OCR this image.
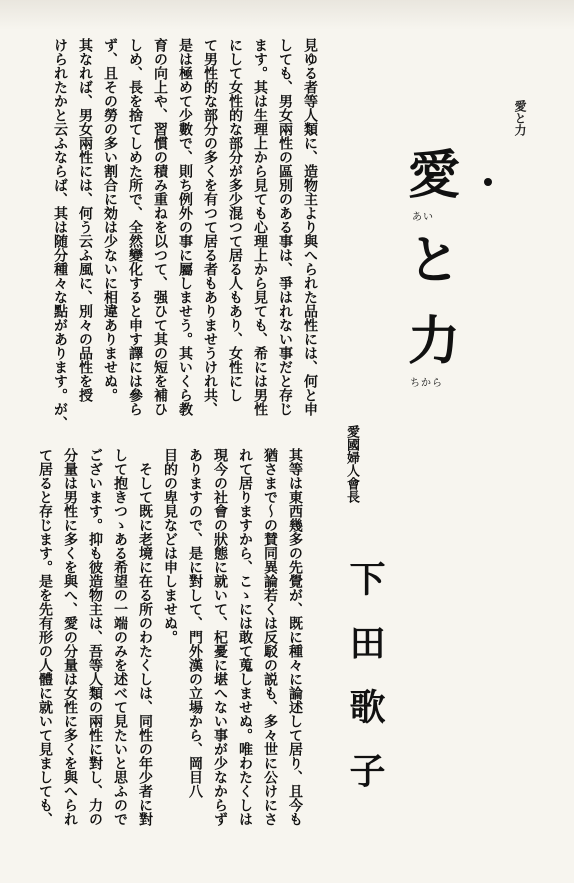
愛と力
愛
あい
と
力
ちから
愛國婦人會長
下田歌子
見ゆる者等人類に、造物主より與へられた品性には、何と申
しても、男女兩性の區別のある事は、爭はれない事だと存じ
ます。其は生理上から見ても心理上から見ても、希には男性
にして女性的な部分が多少混つて居る人もあり、女性にし
て男性的な部分の多くを有つて居る者もありませうけれ共、
是は極めて少數で、則ち例外の事に屬しませう。其いくら教
育の向上や、習慣の積み重ねを以つて、强ひて其の短を補ひ
しめ、長を捨てしめた所で、全然變化すると申す譯には參ら
ず、且その勞の多い割合に効は少ないに相違ありませぬ。
其なれば、男女兩性には、何う云ふ風に、別々の品性を授
けられたかと云ふならば、其は随分種々な點があります。が、
其等は東西幾多の先覺が、既に種々に論述して居り、且今も
猶さまで〜の賛同異論若くは反駁の説も、多々世に公けにさ
れて居りますから、こゝには敢て蒐しませぬ。唯わたくしは
現今の社會の狀態に就いて、杞憂に堪へない事が少なからず
ありますので、是に對して、門外漢の立場から、岡目八
目的の卑見などは申しませぬ。
そして既に老境に在る所のわたくしは、同性の年少者に對
して抱きつゝある希望の一端のみを述べて見たいと思ふので
ございます。抑も彼造物主は、吾等人類の兩性に對し、力の
分量は男性に多くを與へ、愛の分量は女性に多くを與へられ
て居ると存じます。是を先有形の人體に就いて見ましても、
